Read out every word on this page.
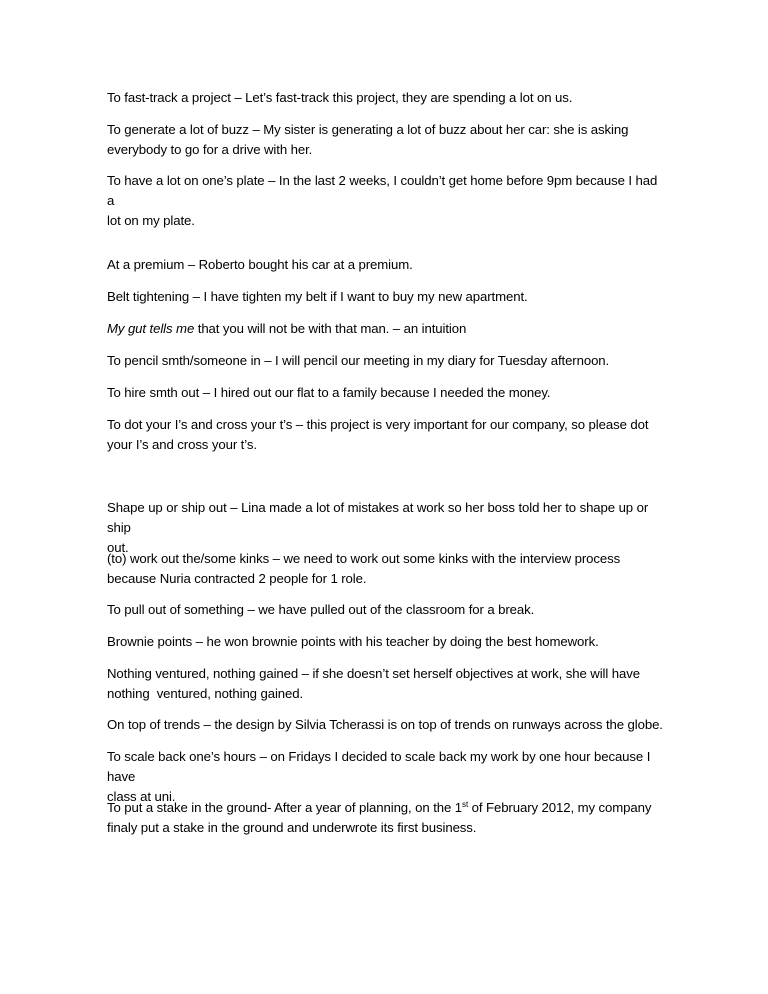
To fast-track a project – Let’s fast-track this project, they are spending a lot on us.

To generate a lot of buzz – My sister is generating a lot of buzz about her car: she is asking
everybody to go for a drive with her.

To have a lot on one’s plate – In the last 2 weeks, I couldn’t get home before 9pm because I had a
lot on my plate.

At a premium – Roberto bought his car at a premium.

Belt tightening – I have tighten my belt if I want to buy my new apartment.

My gut tells me that you will not be with that man. – an intuition

To pencil smth/someone in – I will pencil our meeting in my diary for Tuesday afternoon.

To hire smth out – I hired out our flat to a family because I needed the money.

To dot your I’s and cross your t’s – this project is very important for our company, so please dot
your I’s and cross your t’s.

Shape up or ship out – Lina made a lot of mistakes at work so her boss told her to shape up or ship
out.

(to) work out the/some kinks – we need to work out some kinks with the interview process
because Nuria contracted 2 people for 1 role.

To pull out of something – we have pulled out of the classroom for a break.

Brownie points – he won brownie points with his teacher by doing the best homework.

Nothing ventured, nothing gained – if she doesn’t set herself objectives at work, she will have
nothing  ventured, nothing gained.

On top of trends – the design by Silvia Tcherassi is on top of trends on runways across the globe.

To scale back one’s hours – on Fridays I decided to scale back my work by one hour because I have
class at uni.

To put a stake in the ground- After a year of planning, on the 1st of February 2012, my company
finaly put a stake in the ground and underwrote its first business.
